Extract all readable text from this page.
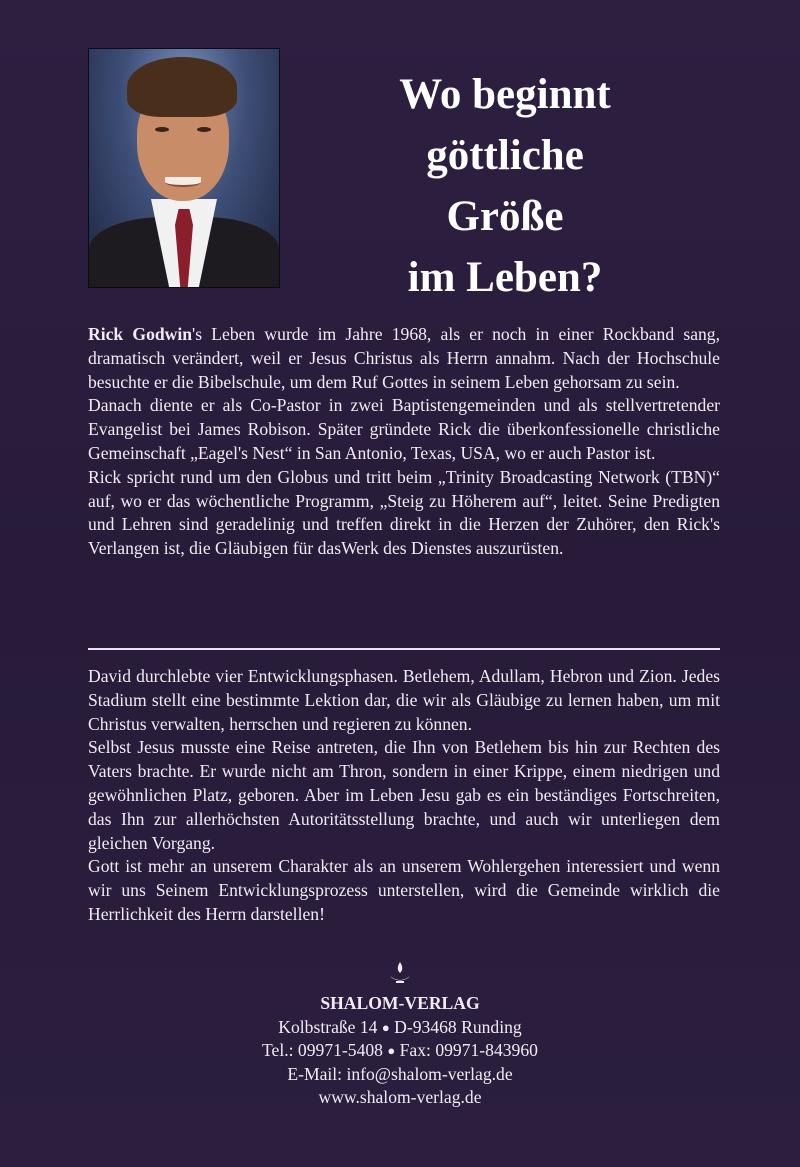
Wo beginnt
göttliche
Größe
im Leben?

Rick Godwin's Leben wurde im Jahre 1968, als er noch in einer Rockband sang, dramatisch verändert, weil er Jesus Christus als Herrn annahm. Nach der Hochschule besuchte er die Bibelschule, um dem Ruf Gottes in seinem Leben gehorsam zu sein.

Danach diente er als Co-Pastor in zwei Baptistengemeinden und als stellvertretender Evangelist bei James Robison. Später gründete Rick die überkonfessionelle christliche Gemeinschaft „Eagel's Nest“ in San Antonio, Texas, USA, wo er auch Pastor ist.

Rick spricht rund um den Globus und tritt beim „Trinity Broadcasting Network (TBN)“ auf, wo er das wöchentliche Programm, „Steig zu Höherem auf“, leitet. Seine Predigten und Lehren sind geradelinig und treffen direkt in die Herzen der Zuhörer, den Rick's Verlangen ist, die Gläubigen für dasWerk des Dienstes auszurüsten.

David durchlebte vier Entwicklungsphasen. Betlehem, Adullam, Hebron und Zion. Jedes Stadium stellt eine bestimmte Lektion dar, die wir als Gläubige zu lernen haben, um mit Christus verwalten, herrschen und regieren zu können.

Selbst Jesus musste eine Reise antreten, die Ihn von Betlehem bis hin zur Rechten des Vaters brachte. Er wurde nicht am Thron, sondern in einer Krippe, einem niedrigen und gewöhnlichen Platz, geboren. Aber im Leben Jesu gab es ein beständiges Fortschreiten, das Ihn zur allerhöchsten Autoritätsstellung brachte, und auch wir unterliegen dem gleichen Vorgang.

Gott ist mehr an unserem Charakter als an unserem Wohlergehen interessiert und wenn wir uns Seinem Entwicklungsprozess unterstellen, wird die Gemeinde wirklich die Herrlichkeit des Herrn darstellen!

SHALOM-VERLAG
Kolbstraße 14 ● D-93468 Runding
Tel.: 09971-5408 ● Fax: 09971-843960
E-Mail: info@shalom-verlag.de
www.shalom-verlag.de
